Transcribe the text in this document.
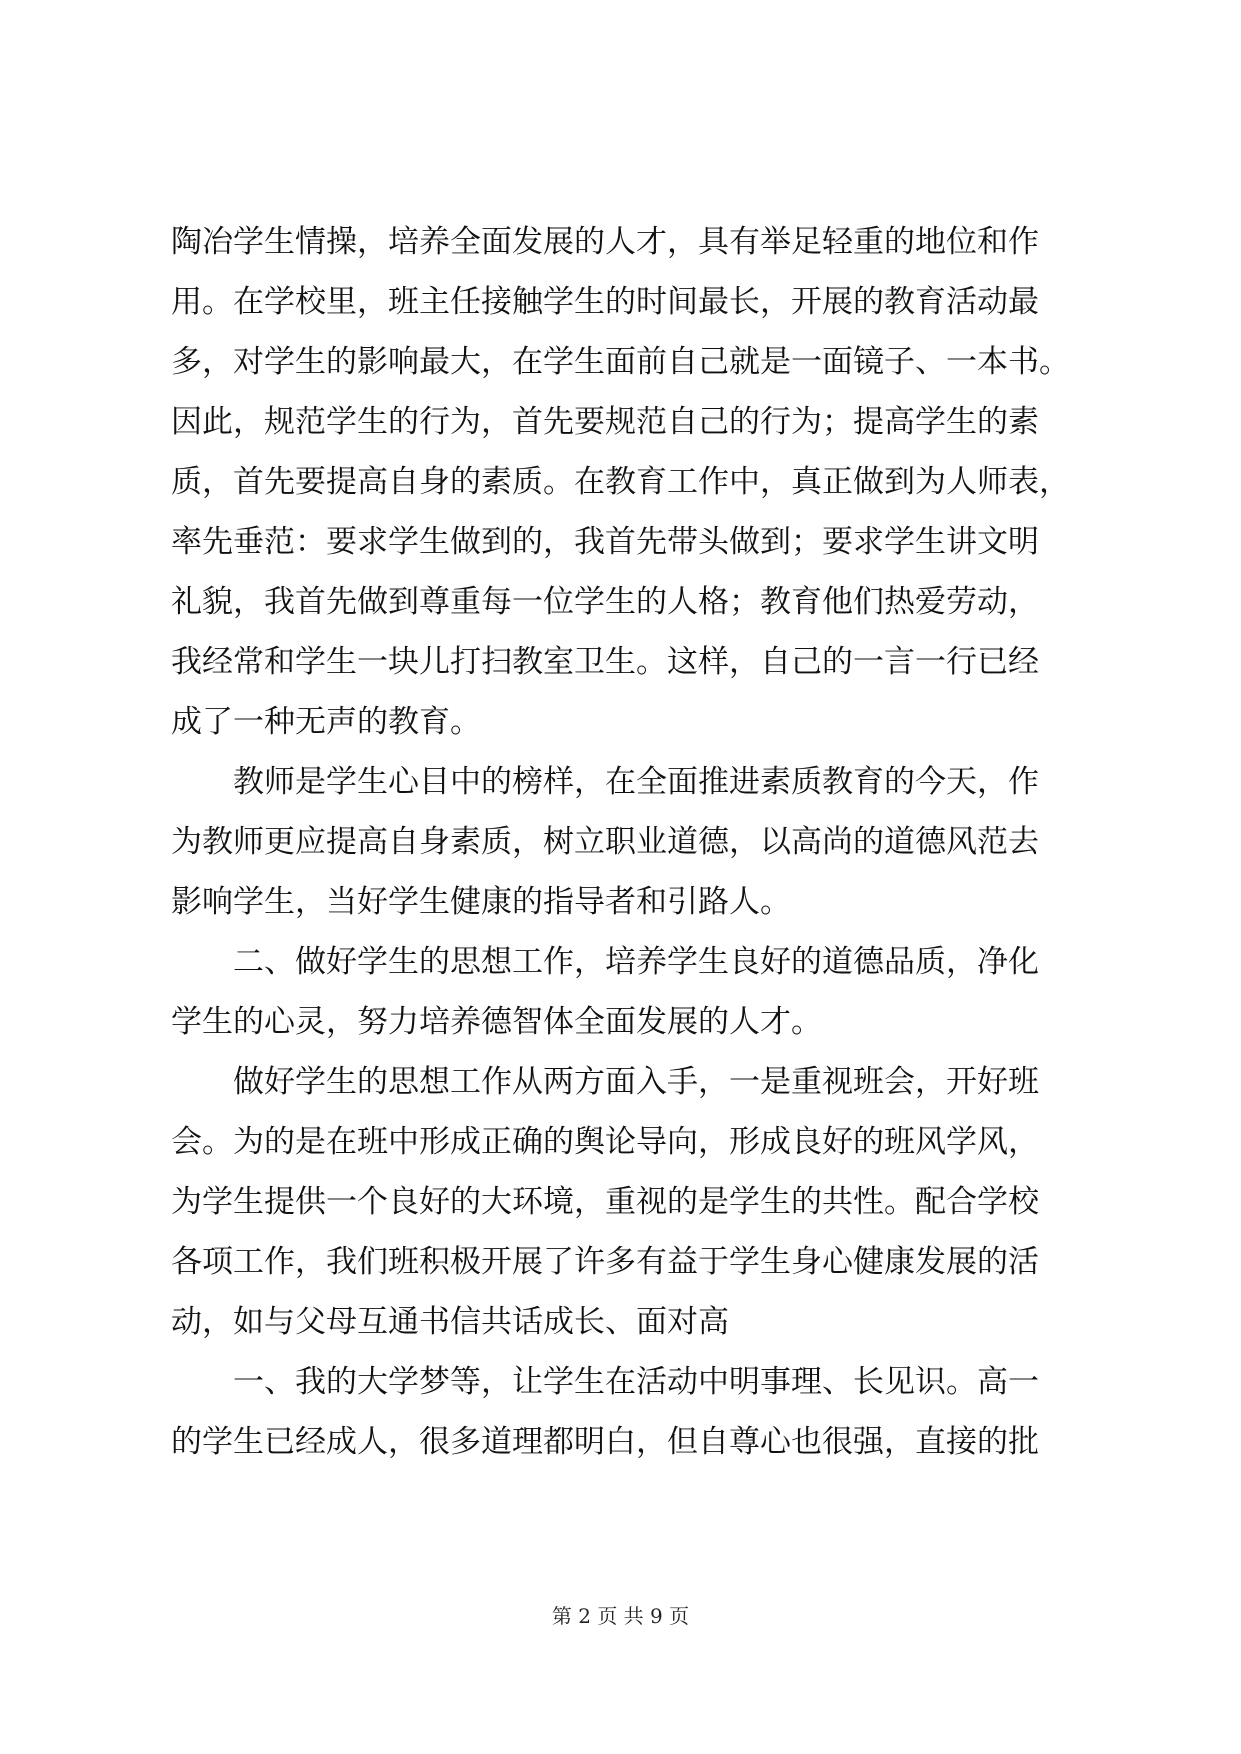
陶冶学生情操，培养全面发展的人才，具有举足轻重的地位和作
用。在学校里，班主任接触学生的时间最长，开展的教育活动最
多，对学生的影响最大，在学生面前自己就是一面镜子、一本书。
因此，规范学生的行为，首先要规范自己的行为；提高学生的素
质，首先要提高自身的素质。在教育工作中，真正做到为人师表，
率先垂范：要求学生做到的，我首先带头做到；要求学生讲文明
礼貌，我首先做到尊重每一位学生的人格；教育他们热爱劳动，
我经常和学生一块儿打扫教室卫生。这样，自己的一言一行已经
成了一种无声的教育。
教师是学生心目中的榜样，在全面推进素质教育的今天，作
为教师更应提高自身素质，树立职业道德，以高尚的道德风范去
影响学生，当好学生健康的指导者和引路人。
二、做好学生的思想工作，培养学生良好的道德品质，净化
学生的心灵，努力培养德智体全面发展的人才。
做好学生的思想工作从两方面入手，一是重视班会，开好班
会。为的是在班中形成正确的舆论导向，形成良好的班风学风，
为学生提供一个良好的大环境，重视的是学生的共性。配合学校
各项工作，我们班积极开展了许多有益于学生身心健康发展的活
动，如与父母互通书信共话成长、面对高
一、我的大学梦等，让学生在活动中明事理、长见识。高一
的学生已经成人，很多道理都明白，但自尊心也很强，直接的批
第 2 页 共 9 页
